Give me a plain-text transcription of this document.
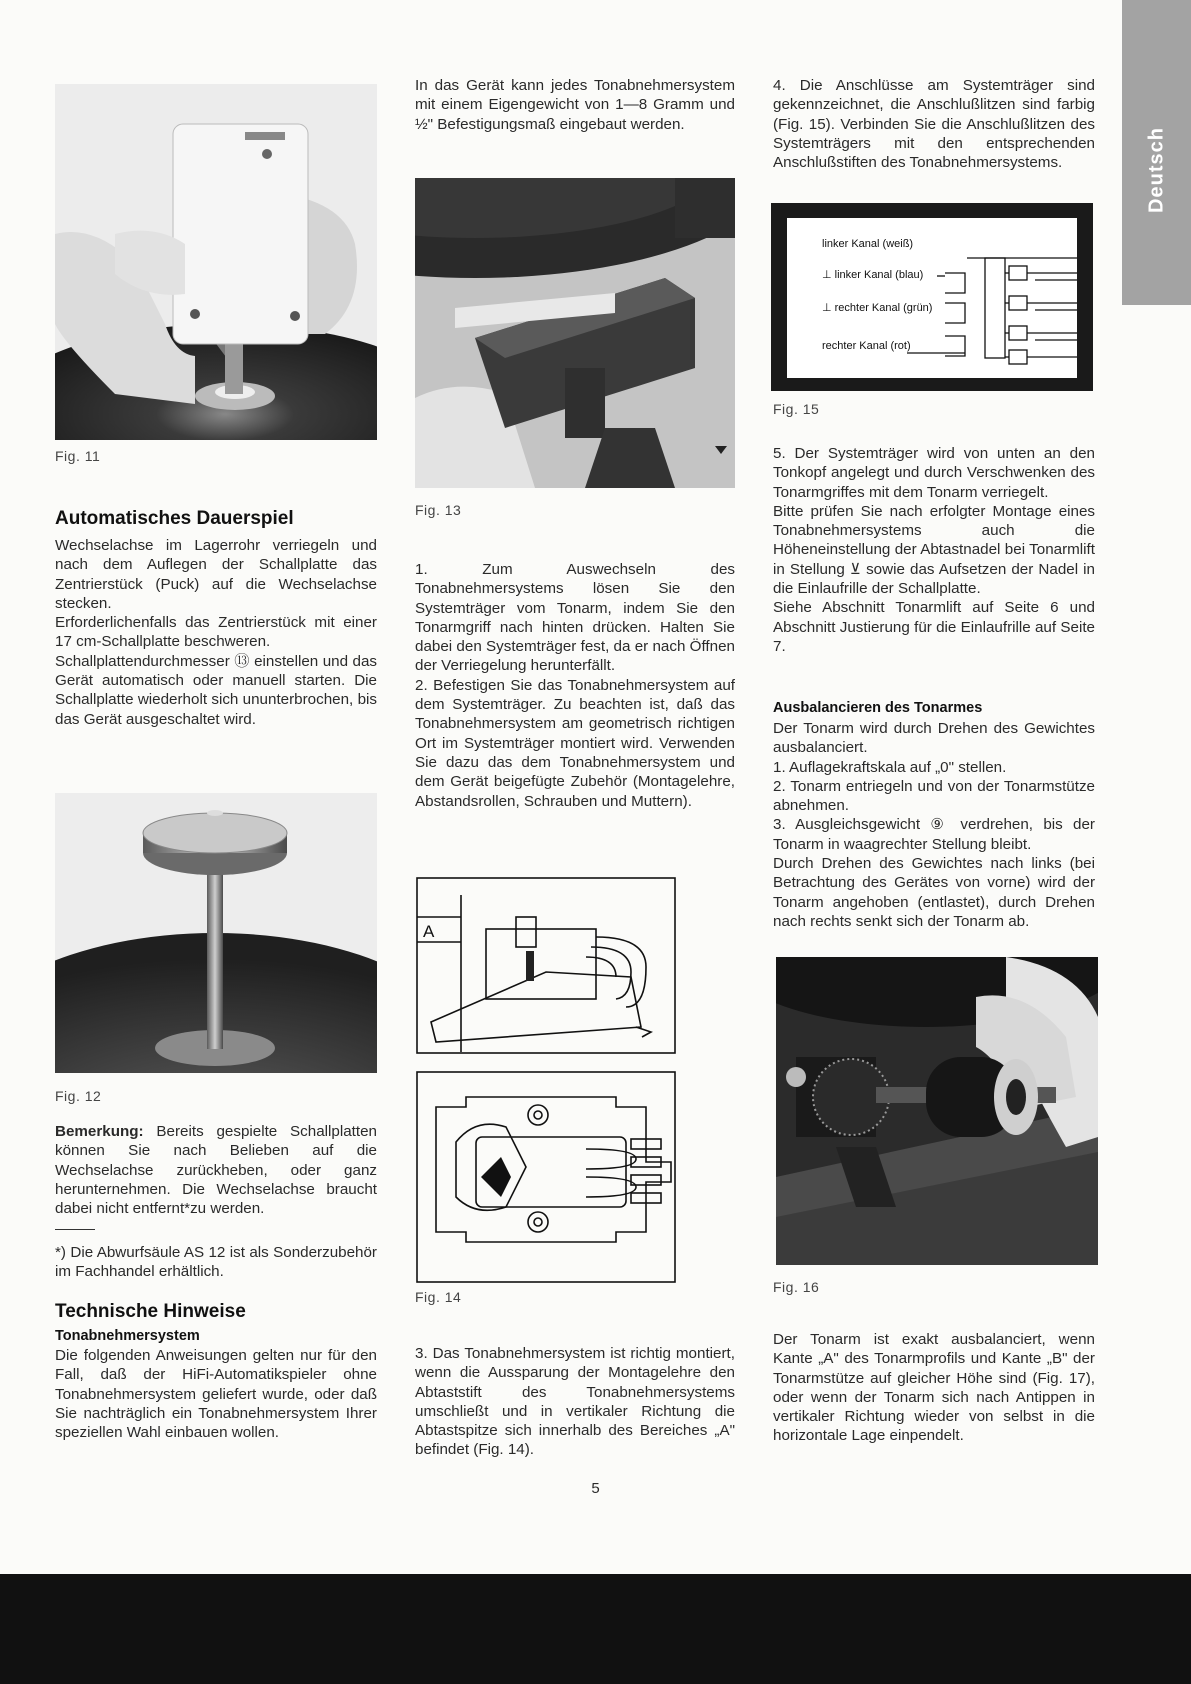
Deutsch
Fig. 11
Automatisches Dauerspiel

Wechselachse im Lagerrohr verriegeln und nach dem Auflegen der Schallplatte das Zentrierstück (Puck) auf die Wechselachse stecken.

Erforderlichenfalls das Zentrierstück mit einer 17 cm-Schallplatte beschweren.

Schallplattendurchmesser ⑬ einstellen und das Gerät automatisch oder manuell starten. Die Schallplatte wiederholt sich ununterbrochen, bis das Gerät ausgeschaltet wird.

Fig. 12
Bemerkung: Bereits gespielte Schallplatten können Sie nach Belieben auf die Wechselachse zurückheben, oder ganz herunternehmen. Die Wechselachse braucht dabei nicht entfernt*zu werden.
*) Die Abwurfsäule AS 12 ist als Sonderzubehör im Fachhandel erhältlich.
Technische Hinweise
Tonabnehmersystem
Die folgenden Anweisungen gelten nur für den Fall, daß der HiFi-Automatikspieler ohne Tonabnehmersystem geliefert wurde, oder daß Sie nachträglich ein Tonabnehmersystem Ihrer speziellen Wahl einbauen wollen.
In das Gerät kann jedes Tonabnehmersystem mit einem Eigengewicht von 1—8 Gramm und ½" Befestigungsmaß eingebaut werden.
Fig. 13

1. Zum Auswechseln des Tonabnehmersystems lösen Sie den Systemträger vom Tonarm, indem Sie den Tonarmgriff nach hinten drücken. Halten Sie dabei den Systemträger fest, da er nach Öffnen der Verriegelung herunterfällt.

2. Befestigen Sie das Tonabnehmersystem auf dem Systemträger. Zu beachten ist, daß das Tonabnehmersystem am geometrisch richtigen Ort im Systemträger montiert wird. Verwenden Sie dazu das dem Tonabnehmersystem und dem Gerät beigefügte Zubehör (Montagelehre, Abstandsrollen, Schrauben und Muttern).

A
Fig. 14
3. Das Tonabnehmersystem ist richtig montiert, wenn die Aussparung der Montagelehre den Abtaststift des Tonabnehmersystems umschließt und in vertikaler Richtung die Abtastspitze sich innerhalb des Bereiches „A" befindet (Fig. 14).
5
4. Die Anschlüsse am Systemträger sind gekennzeichnet, die Anschlußlitzen sind farbig (Fig. 15). Verbinden Sie die Anschlußlitzen des Systemträgers mit den entsprechenden Anschlußstiften des Tonabnehmersystems.
linker Kanal (weiß)
⊥ linker Kanal (blau)
⊥ rechter Kanal (grün)
rechter Kanal (rot)
Fig. 15

5. Der Systemträger wird von unten an den Tonkopf angelegt und durch Verschwenken des Tonarmgriffes mit dem Tonarm verriegelt.

Bitte prüfen Sie nach erfolgter Montage eines Tonabnehmersystems auch die Höheneinstellung der Abtastnadel bei Tonarmlift in Stellung ⊻ sowie das Aufsetzen der Nadel in die Einlaufrille der Schallplatte.

Siehe Abschnitt Tonarmlift auf Seite 6 und Abschnitt Justierung für die Einlaufrille auf Seite 7.

Ausbalancieren des Tonarmes

Der Tonarm wird durch Drehen des Gewichtes ausbalanciert.

1. Auflagekraftskala auf „0" stellen.

2. Tonarm entriegeln und von der Tonarmstütze abnehmen.

3. Ausgleichsgewicht ⑨ verdrehen, bis der Tonarm in waagrechter Stellung bleibt.

Durch Drehen des Gewichtes nach links (bei Betrachtung des Gerätes von vorne) wird der Tonarm angehoben (entlastet), durch Drehen nach rechts senkt sich der Tonarm ab.

Fig. 16
Der Tonarm ist exakt ausbalanciert, wenn Kante „A" des Tonarmprofils und Kante „B" der Tonarmstütze auf gleicher Höhe sind (Fig. 17), oder wenn der Tonarm sich nach Antippen in vertikaler Richtung wieder von selbst in die horizontale Lage einpendelt.
